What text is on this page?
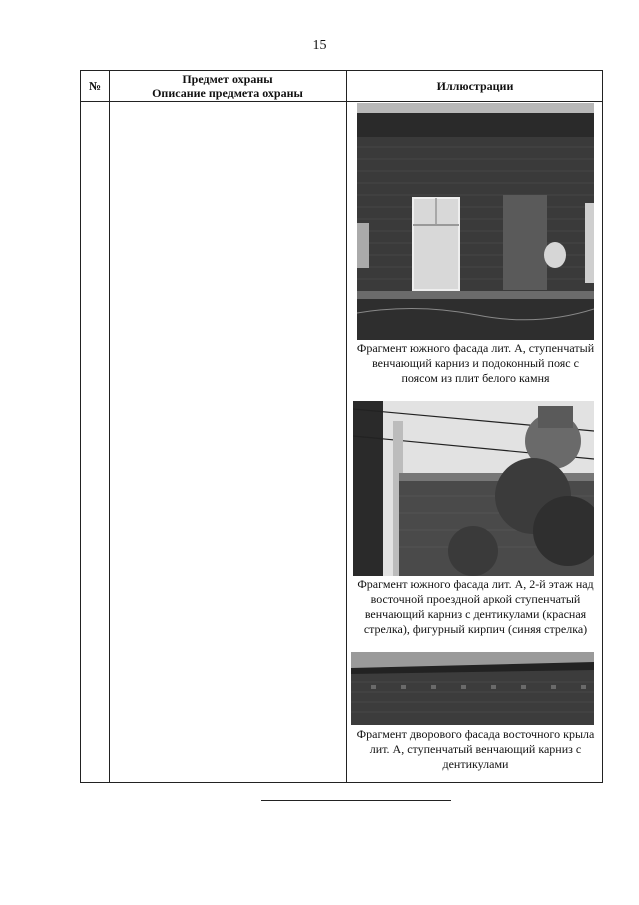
15
№	Предмет охраны
Описание предмета охраны	Иллюстрации
Фрагмент южного фасада лит. А, ступенчатый венчающий карниз и подоконный пояс с поясом из плит белого камня
Фрагмент южного фасада лит. А, 2-й этаж над восточной проездной аркой ступенчатый венчающий карниз с дентикулами (красная стрелка), фигурный кирпич (синяя стрелка)
Фрагмент дворового фасада восточного крыла лит. А, ступенчатый венчающий карниз с дентикулами
